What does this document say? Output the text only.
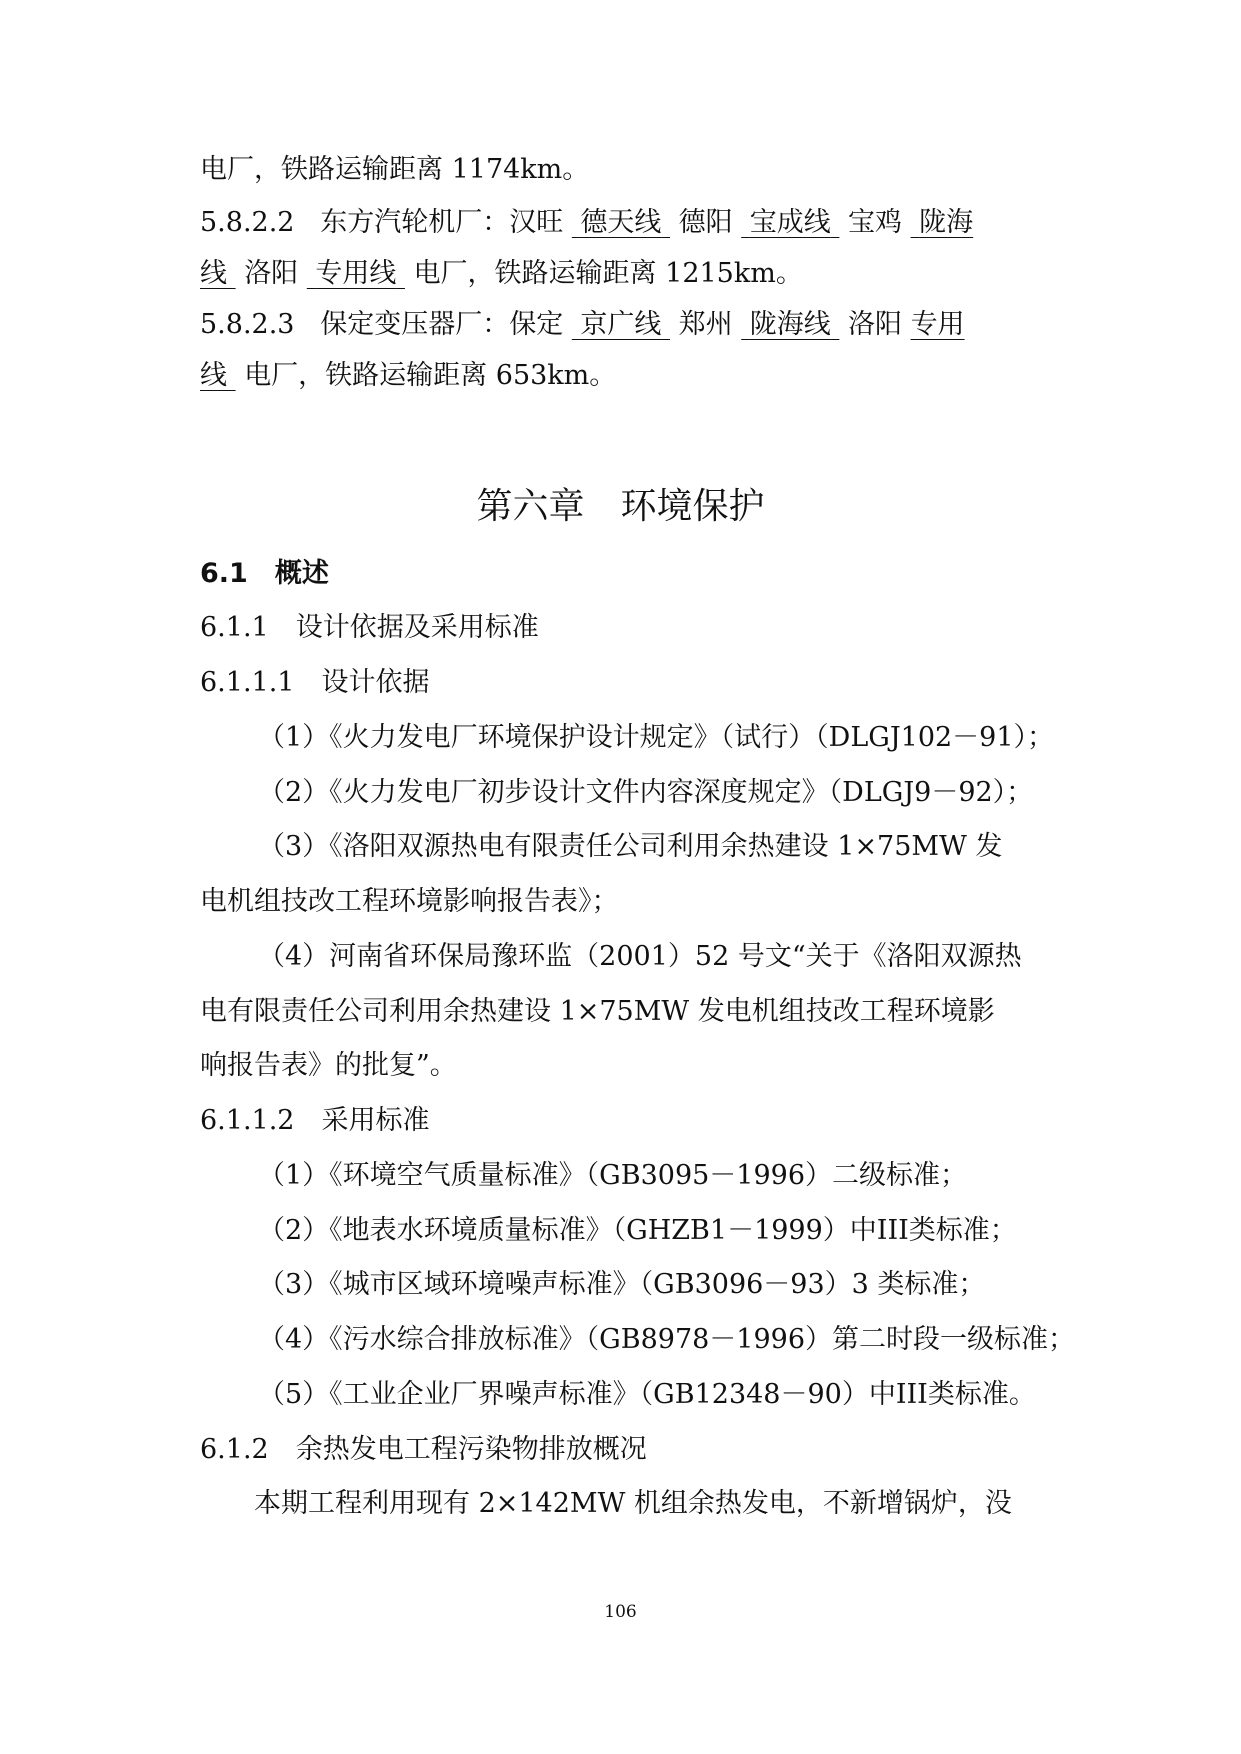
电厂，铁路运输距离 1174km。
5.8.2.2 东方汽轮机厂：汉旺 德天线 德阳 宝成线 宝鸡 陇海
线 洛阳 专用线 电厂，铁路运输距离 1215km。
5.8.2.3 保定变压器厂：保定 京广线 郑州 陇海线 洛阳 专用
线 电厂，铁路运输距离 653km。
第六章　环境保护
6.1　概述
6.1.1　设计依据及采用标准
6.1.1.1　设计依据
（1）《火力发电厂环境保护设计规定》（试行）（DLGJ102－91）；
（2）《火力发电厂初步设计文件内容深度规定》（DLGJ9－92）；
（3）《洛阳双源热电有限责任公司利用余热建设 1×75MW 发
电机组技改工程环境影响报告表》；
（4）河南省环保局豫环监（2001）52 号文“关于《洛阳双源热
电有限责任公司利用余热建设 1×75MW 发电机组技改工程环境影
响报告表》的批复”。
6.1.1.2　采用标准
（1）《环境空气质量标准》（GB3095－1996）二级标准；
（2）《地表水环境质量标准》（GHZB1－1999）中III类标准；
（3）《城市区域环境噪声标准》（GB3096－93）3 类标准；
（4）《污水综合排放标准》（GB8978－1996）第二时段一级标准；
（5）《工业企业厂界噪声标准》（GB12348－90）中III类标准。
6.1.2　余热发电工程污染物排放概况
本期工程利用现有 2×142MW 机组余热发电，不新增锅炉，没
106
